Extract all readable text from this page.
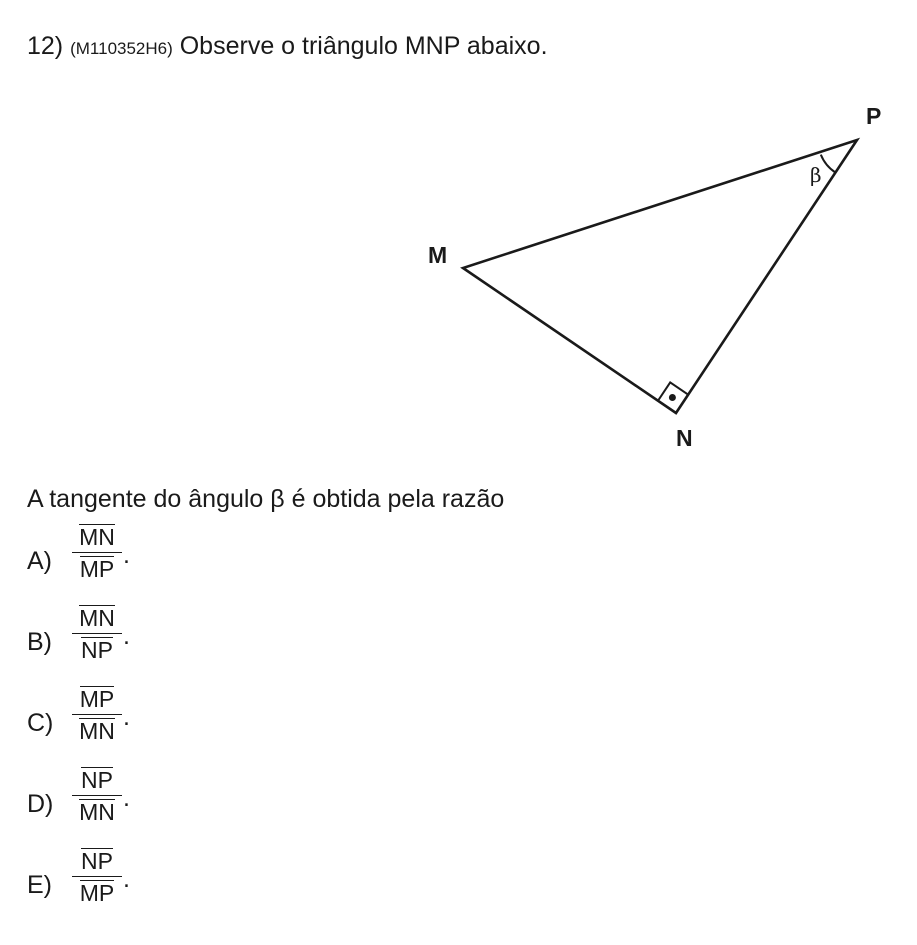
12) (M110352H6) Observe o triângulo MNP abaixo.
β
M
N
P
A tangente do ângulo β é obtida pela razão
A)
MN
MP .
B)
MN
NP .
C)
MP
MN .
D)
NP
MN .
E)
NP
MP .
